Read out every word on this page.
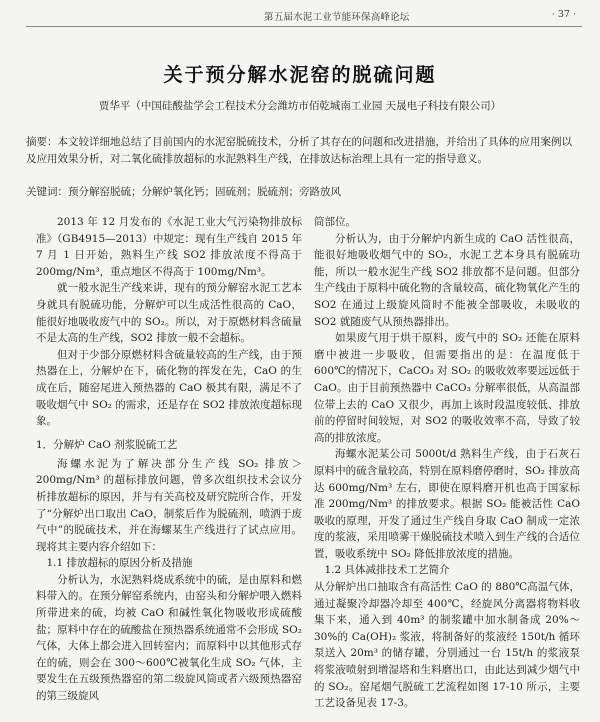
第五届水泥工业节能环保高峰论坛	· 37 ·
关于预分解水泥窑的脱硫问题
贾华平（中国硅酸盐学会工程技术分会潍坊市佰乾城南工业园 天晟电子科技有限公司）
摘要：本文较详细地总结了目前国内的水泥窑脱硫技术，分析了其存在的问题和改进措施，并给出了具体的应用案例以及应用效果分析，对二氧化硫排放超标的水泥熟料生产线，在排放达标治理上具有一定的指导意义。
关键词：预分解窑脱硫；分解炉氧化钙；固硫剂；脱硫剂；旁路放风

2013 年 12 月发布的《水泥工业大气污染物排放标准》（GB4915—2013）中规定：现有生产线自 2015 年 7 月 1 日开始，熟料生产线 SO2 排放浓度不得高于 200mg/Nm³，重点地区不得高于 100mg/Nm³。

就一般水泥生产线来讲，现有的预分解窑水泥工艺本身就具有脱硫功能，分解炉可以生成活性很高的 CaO，能很好地吸收废气中的 SO₂。所以，对于原燃材料含硫量不是太高的生产线，SO2 排放一般不会超标。

但对于少部分原燃材料含硫量较高的生产线，由于预热器在上，分解炉在下，硫化物的挥发在先，CaO 的生成在后，随窑尾进入预热器的 CaO 极其有限，满足不了吸收烟气中 SO₂ 的需求，还是存在 SO2 排放浓度超标现象。

1．分解炉 CaO 剂浆脱硫工艺

海螺水泥为了解决部分生产线 SO₂ 排放＞200mg/Nm³ 的超标排放问题，曾多次组织技术会议分析排放超标的原因，并与有关高校及研究院所合作，开发了“分解炉出口取出 CaO，制浆后作为脱硫剂，喷洒于废气中”的脱硫技术，并在海螺某生产线进行了试点应用。现将其主要内容介绍如下：

1.1 排放超标的原因分析及措施

分析认为，水泥熟料烧成系统中的硫，是由原料和燃料带入的。在预分解窑系统内，由窑头和分解炉喂入燃料所带进来的硫，均被 CaO 和碱性氧化物吸收形成硫酸盐；原料中存在的硫酸盐在预热器系统通常不会形成 SO₂ 气体，大体上都会进入回转窑内；而原料中以其他形式存在的硫，则会在 300～600℃被氧化生成 SO₂ 气体，主要发生在五级预热器窑的第二级旋风筒或者六级预热器窑的第三级旋风

筒部位。

分析认为，由于分解炉内新生成的 CaO 活性很高，能很好地吸收烟气中的 SO₂，水泥工艺本身具有脱硫功能，所以一般水泥生产线 SO2 排放都不是问题。但部分生产线由于原料中硫化物的含量较高，硫化物氧化产生的 SO2 在通过上级旋风筒时不能被全部吸收，未吸收的 SO2 就随废气从预热器排出。

如果废气用于烘干原料，废气中的 SO₂ 还能在原料磨中被进一步吸收，但需要指出的是：在温度低于 600℃的情况下，CaCO₃ 对 SO₂ 的吸收效率要远远低于 CaO。由于目前预热器中 CaCO₃ 分解率很低，从高温部位带上去的 CaO 又很少，再加上该时段温度较低、排放前的停留时间较短，对 SO2 的吸收效率不高，导致了较高的排放浓度。

海螺水泥某公司 5000t/d 熟料生产线，由于石灰石原料中的硫含量较高，特别在原料磨停磨时，SO₂ 排放高达 600mg/Nm³ 左右，即使在原料磨开机也高于国家标准 200mg/Nm³ 的排放要求。根据 SO₂ 能被活性 CaO 吸收的原理，开发了通过生产线自身取 CaO 制成一定浓度的浆液，采用喷雾干燥脱硫技术喷入到生产线的合适位置，吸收系统中 SO₂ 降低排放浓度的措施。

1.2 具体减排技术工艺简介

从分解炉出口抽取含有高活性 CaO 的 880℃高温气体，通过凝聚冷却器冷却至 400℃，经旋风分离器将物料收集下来，通入到 40m³ 的制浆罐中加水制备成 20%～30%的 Ca(OH)₂ 浆液，将制备好的浆液经 150t/h 循环泵送入 20m³ 的储存罐，分别通过一台 15t/h 的浆液泵将浆液喷射到增湿塔和生料磨出口，由此达到减少烟气中的 SO₂。窑尾烟气脱硫工艺流程如图 17-10 所示，主要工艺设备见表 17-3。
